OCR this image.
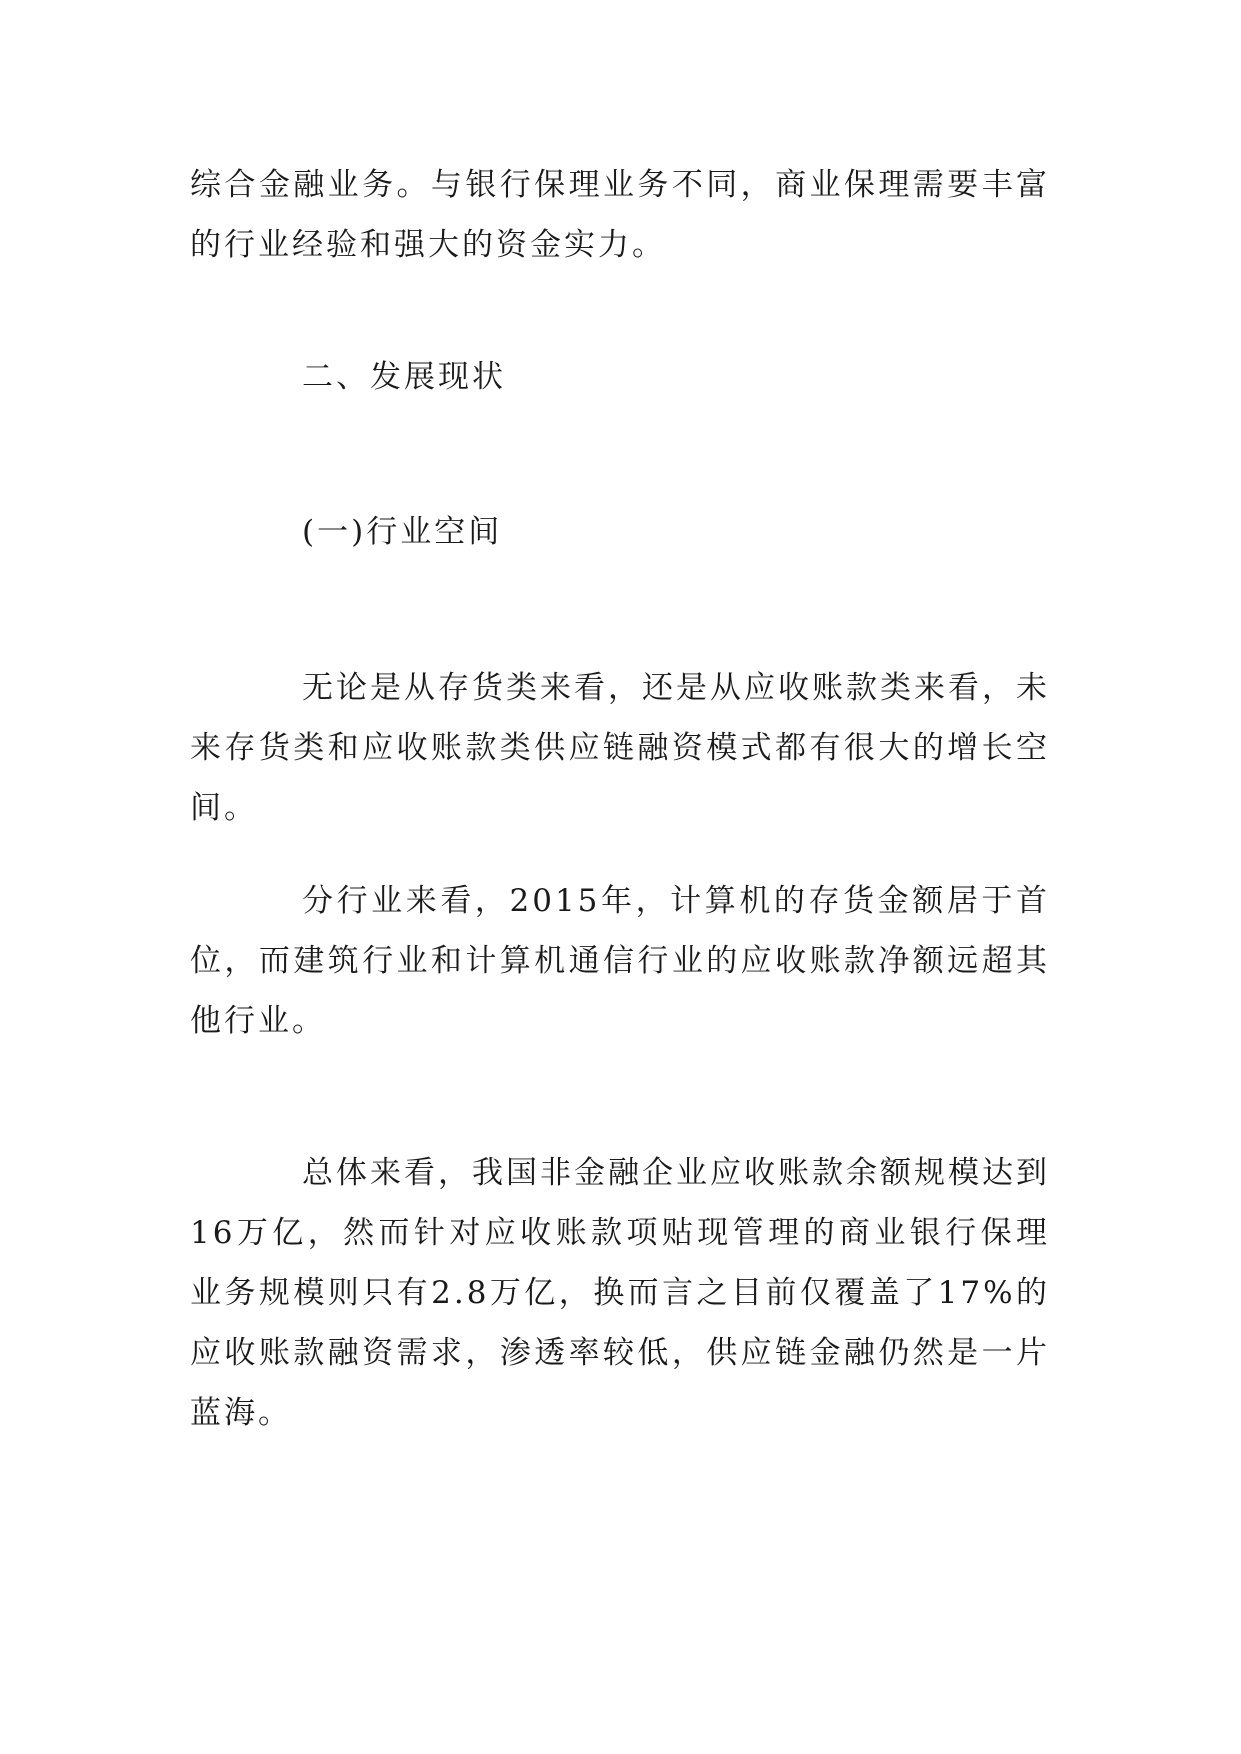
综合金融业务。与银行保理业务不同，商业保理需要丰富的行业经验和强大的资金实力。

二、发展现状
(一)行业空间

无论是从存货类来看，还是从应收账款类来看，未来存货类和应收账款类供应链融资模式都有很大的增长空间。

分行业来看，2015年，计算机的存货金额居于首位，而建筑行业和计算机通信行业的应收账款净额远超其他行业。

总体来看，我国非金融企业应收账款余额规模达到16万亿，然而针对应收账款项贴现管理的商业银行保理业务规模则只有2.8万亿，换而言之目前仅覆盖了17%的应收账款融资需求，渗透率较低，供应链金融仍然是一片蓝海。
